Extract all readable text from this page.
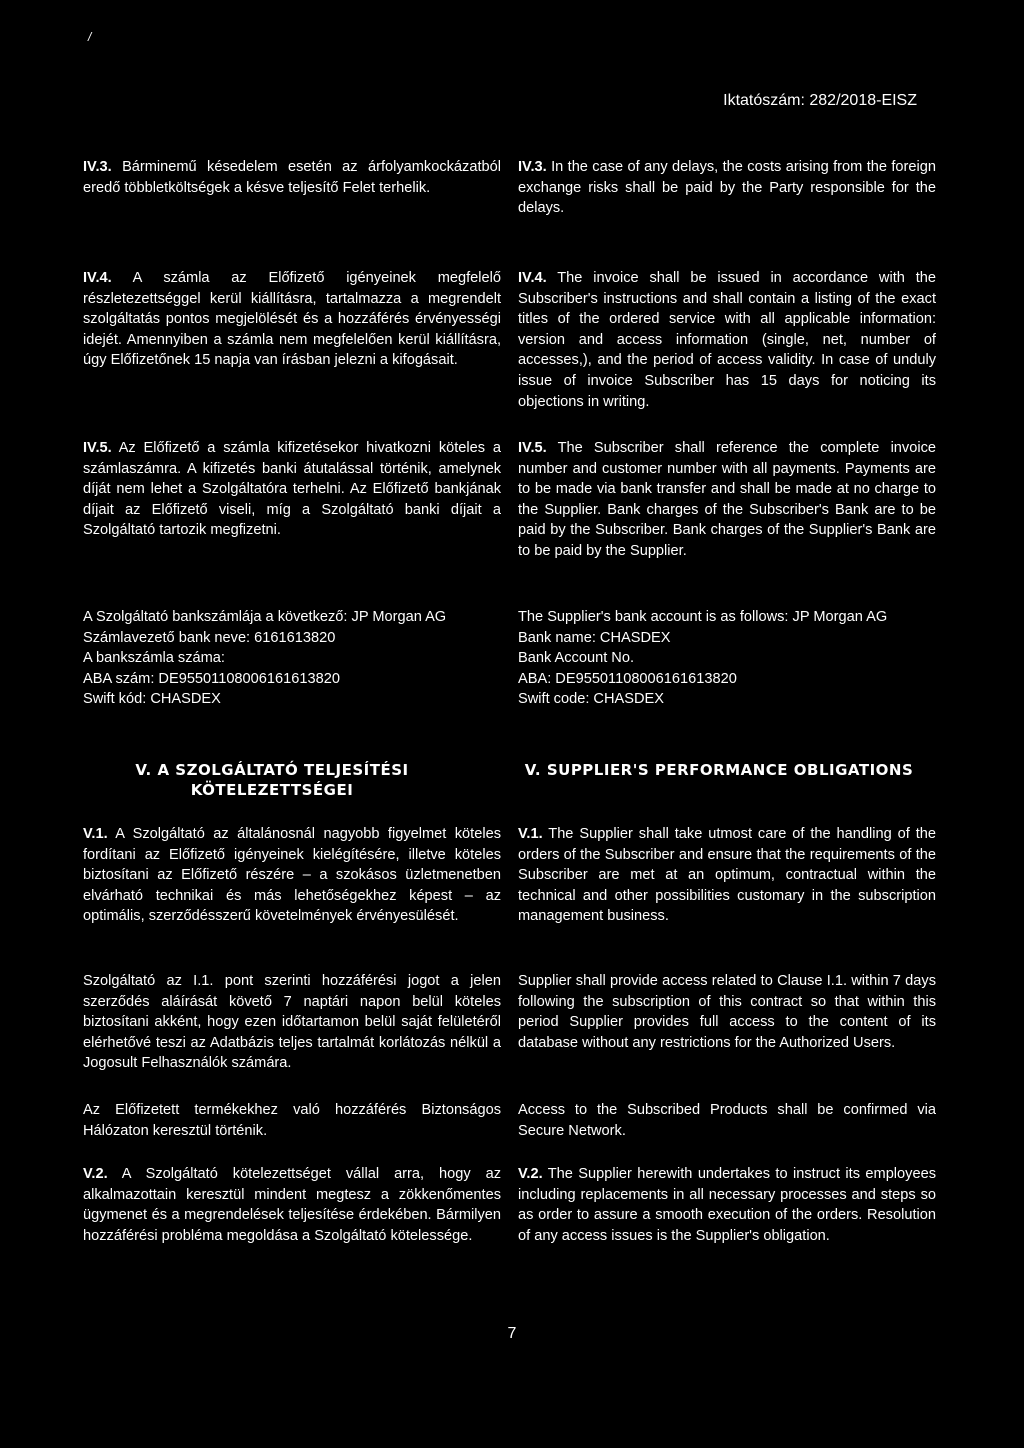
/
Iktatószám: 282/2018-EISZ

IV.3. Bárminemű késedelem esetén az árfolyamkockázatból eredő többletköltségek a késve teljesítő Felet terhelik.

IV.3. In the case of any delays, the costs arising from the foreign exchange risks shall be paid by the Party responsible for the delays.

IV.4. A számla az Előfizető igényeinek megfelelő részletezettséggel kerül kiállításra, tartalmazza a megrendelt szolgáltatás pontos megjelölését és a hozzáférés érvényességi idejét. Amennyiben a számla nem megfelelően kerül kiállításra, úgy Előfizetőnek 15 napja van írásban jelezni a kifogásait.

IV.4. The invoice shall be issued in accordance with the Subscriber's instructions and shall contain a listing of the exact titles of the ordered service with all applicable information: version and access information (single, net, number of accesses,), and the period of access validity. In case of unduly issue of invoice Subscriber has 15 days for noticing its objections in writing.

IV.5. Az Előfizető a számla kifizetésekor hivatkozni köteles a számlaszámra. A kifizetés banki átutalással történik, amelynek díját nem lehet a Szolgáltatóra terhelni. Az Előfizető bankjának díjait az Előfizető viseli, míg a Szolgáltató banki díjait a Szolgáltató tartozik megfizetni.

IV.5. The Subscriber shall reference the complete invoice number and customer number with all payments. Payments are to be made via bank transfer and shall be made at no charge to the Supplier. Bank charges of the Subscriber's Bank are to be paid by the Subscriber. Bank charges of the Supplier's Bank are to be paid by the Supplier.

A Szolgáltató bankszámlája a következő: JP Morgan AG
Számlavezető bank neve: 6161613820
A bankszámla száma:
ABA szám: DE95501108006161613820
Swift kód: CHASDEX
The Supplier's bank account is as follows: JP Morgan AG
Bank name: CHASDEX
Bank Account No.
ABA: DE95501108006161613820
Swift code: CHASDEX
V. A SZOLGÁLTATÓ TELJESÍTÉSI KÖTELEZETTSÉGEI
V. SUPPLIER'S PERFORMANCE OBLIGATIONS

V.1. A Szolgáltató az általánosnál nagyobb figyelmet köteles fordítani az Előfizető igényeinek kielégítésére, illetve köteles biztosítani az Előfizető részére – a szokásos üzletmenetben elvárható technikai és más lehetőségekhez képest – az optimális, szerződésszerű követelmények érvényesülését.

V.1. The Supplier shall take utmost care of the handling of the orders of the Subscriber and ensure that the requirements of the Subscriber are met at an optimum, contractual within the technical and other possibilities customary in the subscription management business.

Szolgáltató az I.1. pont szerinti hozzáférési jogot a jelen szerződés aláírását követő 7 naptári napon belül köteles biztosítani akként, hogy ezen időtartamon belül saját felületéről elérhetővé teszi az Adatbázis teljes tartalmát korlátozás nélkül a Jogosult Felhasználók számára.

Supplier shall provide access related to Clause I.1. within 7 days following the subscription of this contract so that within this period Supplier provides full access to the content of its database without any restrictions for the Authorized Users.

Az Előfizetett termékekhez való hozzáférés Biztonságos Hálózaton keresztül történik.

Access to the Subscribed Products shall be confirmed via Secure Network.

V.2. A Szolgáltató kötelezettséget vállal arra, hogy az alkalmazottain keresztül mindent megtesz a zökkenőmentes ügymenet és a megrendelések teljesítése érdekében. Bármilyen hozzáférési probléma megoldása a Szolgáltató kötelessége.

V.2. The Supplier herewith undertakes to instruct its employees including replacements in all necessary processes and steps so as order to assure a smooth execution of the orders. Resolution of any access issues is the Supplier's obligation.

7
